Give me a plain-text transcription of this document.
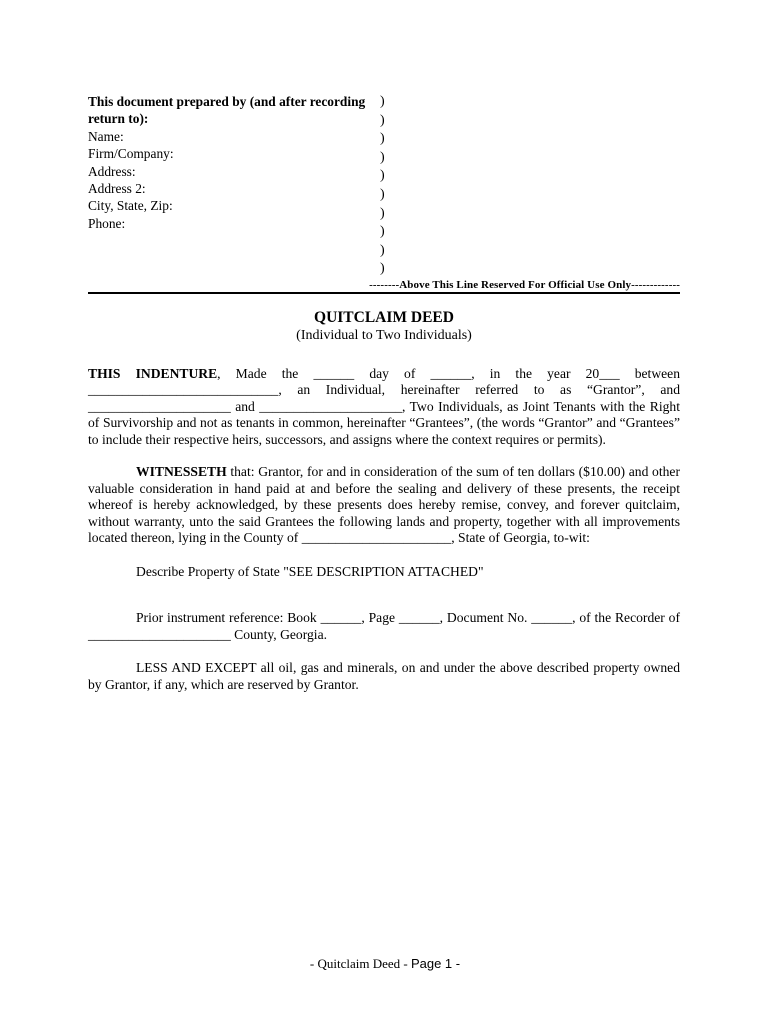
This document prepared by (and after recording return to):
Name:
Firm/Company:
Address:
Address 2:
City, State, Zip:
Phone:
)
)
)
)
)
)
)
)
)
)
--------Above This Line Reserved For Official Use Only-------------
QUITCLAIM DEED
(Individual to Two Individuals)

THIS INDENTURE, Made the ______ day of ______, in the year 20___ between ____________________________, an Individual, hereinafter referred to as “Grantor”, and _____________________ and _____________________, Two Individuals, as Joint Tenants with the Right of Survivorship and not as tenants in common, hereinafter “Grantees”, (the words “Grantor” and “Grantees” to include their respective heirs, successors, and assigns where the context requires or permits).

WITNESSETH that: Grantor, for and in consideration of the sum of ten dollars ($10.00) and other valuable consideration in hand paid at and before the sealing and delivery of these presents, the receipt whereof is hereby acknowledged, by these presents does hereby remise, convey, and forever quitclaim, without warranty, unto the said Grantees the following lands and property, together with all improvements located thereon, lying in the County of ______________________, State of Georgia, to-wit:

Describe Property of State "SEE DESCRIPTION ATTACHED"

Prior instrument reference: Book ______, Page ______, Document No. ______, of the Recorder of _____________________ County, Georgia.

LESS AND EXCEPT all oil, gas and minerals, on and under the above described property owned by Grantor, if any, which are reserved by Grantor.

- Quitclaim Deed - Page 1 -
